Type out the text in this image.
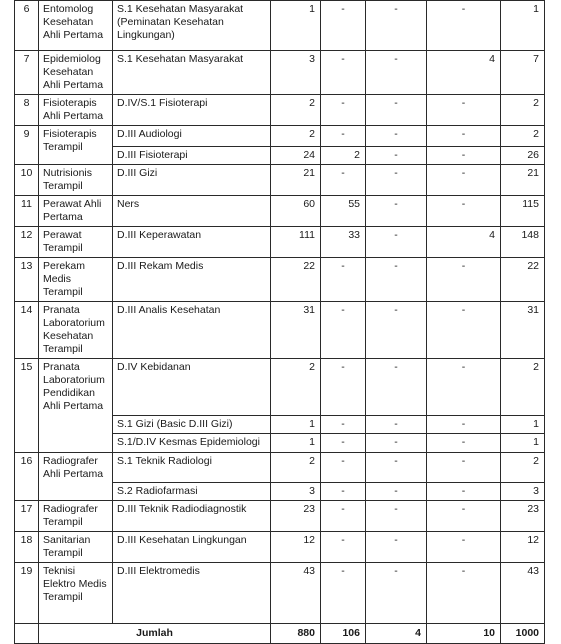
6	Entomolog Kesehatan Ahli Pertama	S.1 Kesehatan Masyarakat (Peminatan Kesehatan Lingkungan)	1	-	-	-	1
7	Epidemiolog Kesehatan Ahli Pertama	S.1 Kesehatan Masyarakat	3	-	-	4	7
8	Fisioterapis Ahli Pertama	D.IV/S.1 Fisioterapi	2	-	-	-	2
9	Fisioterapis Terampil	D.III Audiologi	2	-	-	-	2
		D.III Fisioterapi	24	2	-	-	26
10	Nutrisionis Terampil	D.III Gizi	21	-	-	-	21
11	Perawat Ahli Pertama	Ners	60	55	-	-	115
12	Perawat Terampil	D.III Keperawatan	111	33	-	4	148
13	Perekam Medis Terampil	D.III Rekam Medis	22	-	-	-	22
14	Pranata Laboratorium Kesehatan Terampil	D.III Analis Kesehatan	31	-	-	-	31
15	Pranata Laboratorium Pendidikan Ahli Pertama	D.IV Kebidanan	2	-	-	-	2
		S.1 Gizi (Basic D.III Gizi)	1	-	-	-	1
		S.1/D.IV Kesmas Epidemiologi	1	-	-	-	1
16	Radiografer Ahli Pertama	S.1 Teknik Radiologi	2	-	-	-	2
		S.2 Radiofarmasi	3	-	-	-	3
17	Radiografer Terampil	D.III Teknik Radiodiagnostik	23	-	-	-	23
18	Sanitarian Terampil	D.III Kesehatan Lingkungan	12	-	-	-	12
19	Teknisi Elektro Medis Terampil	D.III Elektromedis	43	-	-	-	43
	Jumlah		880	106	4	10	1000
